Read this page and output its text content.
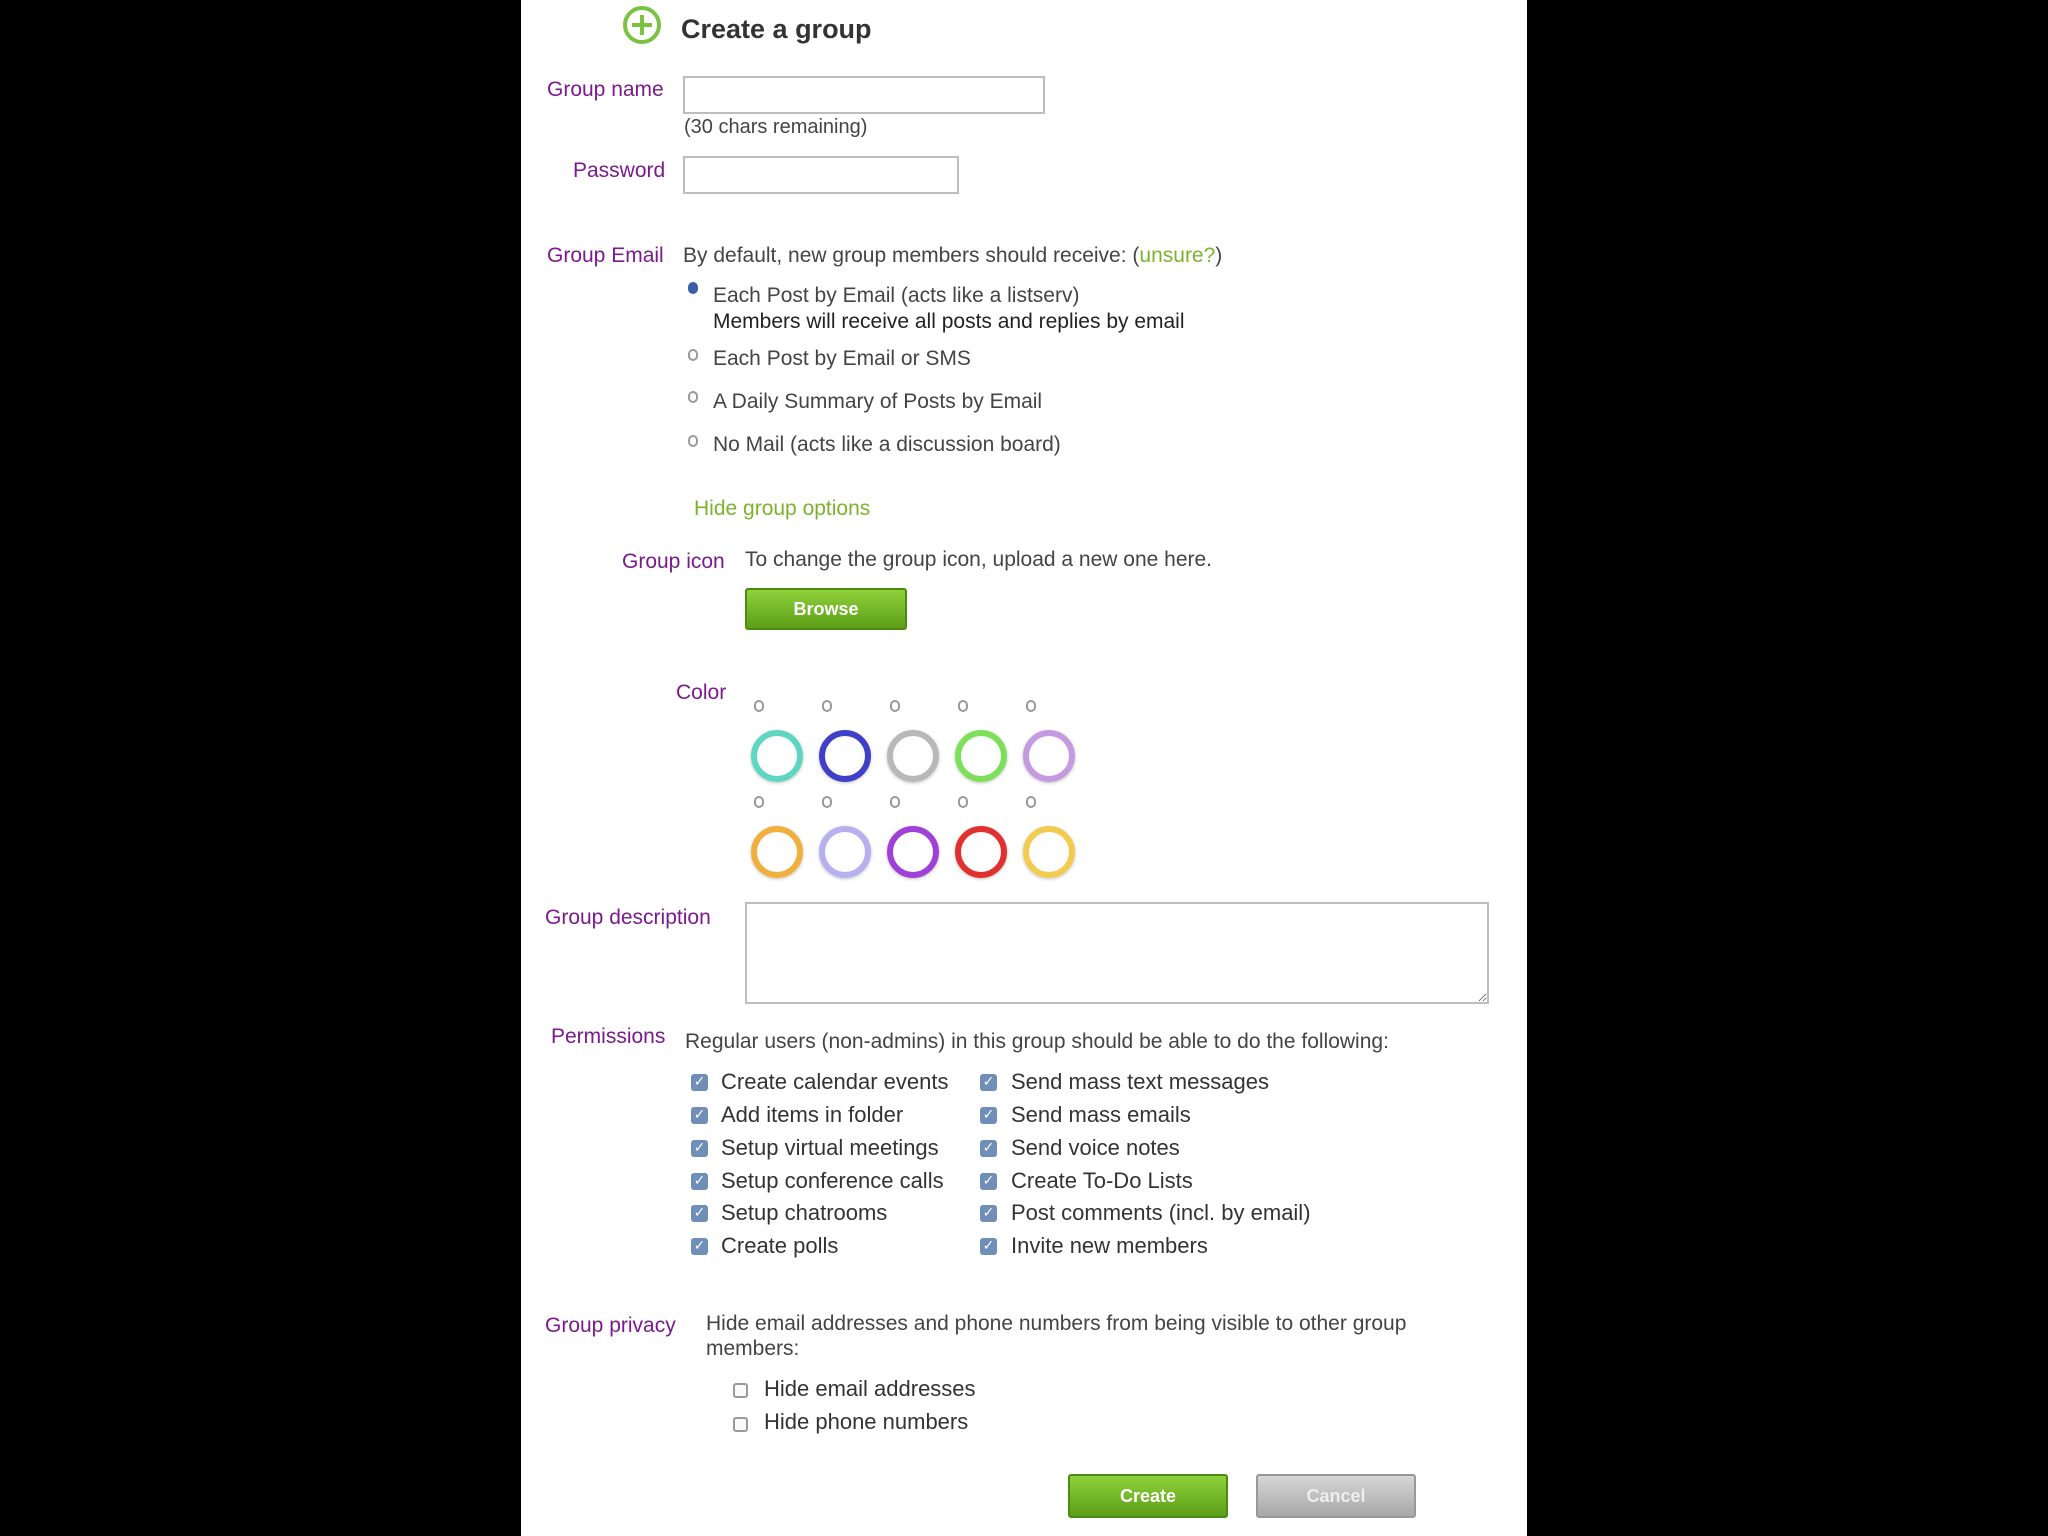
Create a group
Group name
(30 chars remaining)
Password
Group Email By default, new group members should receive: (unsure?)
Each Post by Email (acts like a listserv)
Members will receive all posts and replies by email
Each Post by Email or SMS
A Daily Summary of Posts by Email
No Mail (acts like a discussion board)
Hide group options
Group icon To change the group icon, upload a new one here.
Browse
Color
Group description
Permissions Regular users (non-admins) in this group should be able to do the following:
✓ Create calendar events
✓ Add items in folder
✓ Setup virtual meetings
✓ Setup conference calls
✓ Setup chatrooms
✓ Create polls
✓ Send mass text messages
✓ Send mass emails
✓ Send voice notes
✓ Create To-Do Lists
✓ Post comments (incl. by email)
✓ Invite new members
Group privacy Hide email addresses and phone numbers from being visible to other group
members:
Hide email addresses
Hide phone numbers
Create	Cancel
